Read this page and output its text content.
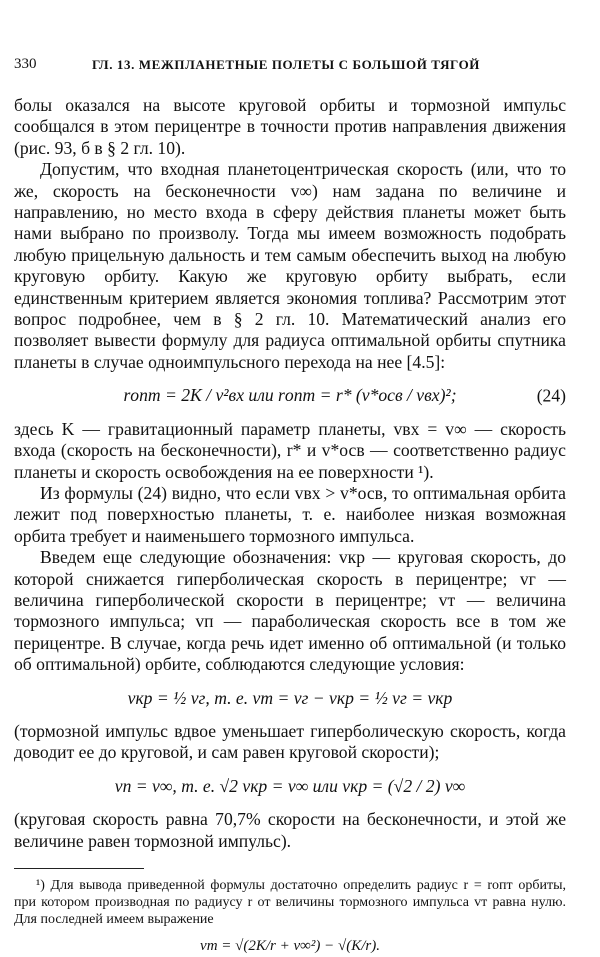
330	ГЛ. 13. МЕЖПЛАНЕТНЫЕ ПОЛЕТЫ С БОЛЬШОЙ ТЯГОЙ

болы оказался на высоте круговой орбиты и тормозной импульс сообщался в этом перицентре в точности против направления движения (рис. 93, б в § 2 гл. 10).

Допустим, что входная планетоцентрическая скорость (или, что то же, скорость на бесконечности v∞) нам задана по величине и направлению, но место входа в сферу действия планеты может быть нами выбрано по произволу. Тогда мы имеем возможность подобрать любую прицельную дальность и тем самым обеспечить выход на любую круговую орбиту. Какую же круговую орбиту выбрать, если единственным критерием является экономия топлива? Рассмотрим этот вопрос подробнее, чем в § 2 гл. 10. Математический анализ его позволяет вывести формулу для радиуса оптимальной орбиты спутника планеты в случае одноимпульсного перехода на нее [4.5]:

rопт = 2K / v²вх или rопт = r* (v*осв / vвх)²;	(24)

здесь K — гравитационный параметр планеты, vвх = v∞ — скорость входа (скорость на бесконечности), r* и v*осв — соответственно радиус планеты и скорость освобождения на ее поверхности ¹).

Из формулы (24) видно, что если vвх > v*осв, то оптимальная орбита лежит под поверхностью планеты, т. е. наиболее низкая возможная орбита требует и наименьшего тормозного импульса.

Введем еще следующие обозначения: vкр — круговая скорость, до которой снижается гиперболическая скорость в перицентре; vг — величина гиперболической скорости в перицентре; vт — величина тормозного импульса; vп — параболическая скорость все в том же перицентре. В случае, когда речь идет именно об оптимальной (и только об оптимальной) орбите, соблюдаются следующие условия:

vкр = ½ vг, т. е. vт = vг − vкр = ½ vг = vкр

(тормозной импульс вдвое уменьшает гиперболическую скорость, когда доводит ее до круговой, и сам равен круговой скорости);

vп = v∞, т. е. √2 vкр = v∞ или vкр = (√2 / 2) v∞

(круговая скорость равна 70,7% скорости на бесконечности, и этой же величине равен тормозной импульс).

¹) Для вывода приведенной формулы достаточно определить радиус r = rопт орбиты, при котором производная по радиусу r от величины тормозного импульса vт равна нулю. Для последней имеем выражение

vт = √(2K/r + v∞²) − √(K/r).
